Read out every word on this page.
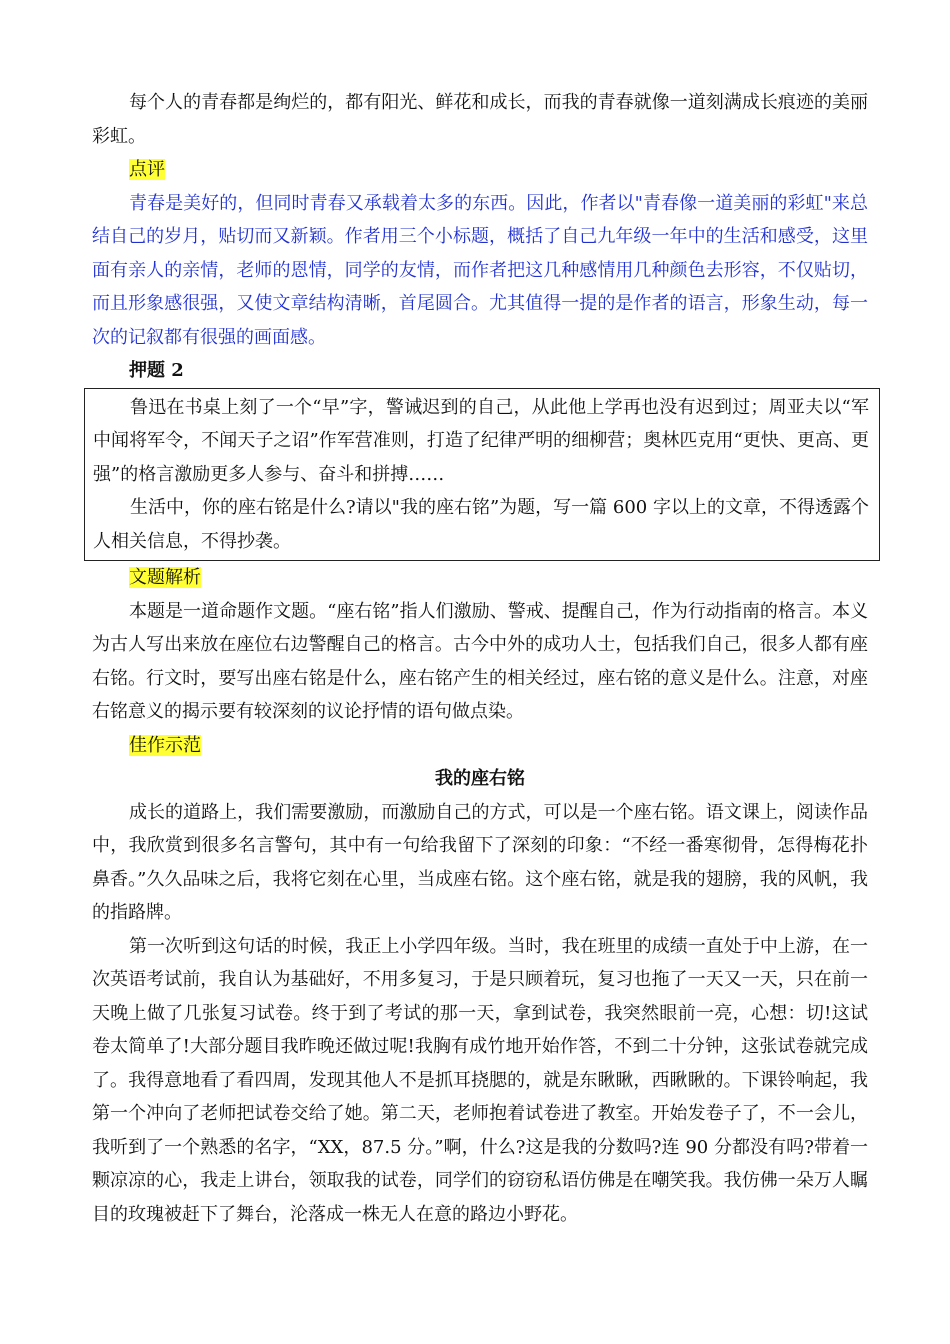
每个人的青春都是绚烂的，都有阳光、鲜花和成长，而我的青春就像一道刻满成长痕迹的美丽彩虹。

点评

青春是美好的，但同时青春又承载着太多的东西。因此，作者以"青春像一道美丽的彩虹"来总结自己的岁月，贴切而又新颖。作者用三个小标题，概括了自己九年级一年中的生活和感受，这里面有亲人的亲情，老师的恩情，同学的友情，而作者把这几种感情用几种颜色去形容，不仅贴切，而且形象感很强，又使文章结构清晰，首尾圆合。尤其值得一提的是作者的语言，形象生动，每一次的记叙都有很强的画面感。

押题 2

鲁迅在书桌上刻了一个“早”字，警诫迟到的自己，从此他上学再也没有迟到过；周亚夫以“军中闻将军令，不闻天子之诏”作军营准则，打造了纪律严明的细柳营；奥林匹克用“更快、更高、更强”的格言激励更多人参与、奋斗和拼搏……

生活中，你的座右铭是什么?请以"我的座右铭”为题，写一篇 600 字以上的文章，不得透露个人相关信息，不得抄袭。

文题解析

本题是一道命题作文题。“座右铭”指人们激励、警戒、提醒自己，作为行动指南的格言。本义为古人写出来放在座位右边警醒自己的格言。古今中外的成功人士，包括我们自己，很多人都有座右铭。行文时，要写出座右铭是什么，座右铭产生的相关经过，座右铭的意义是什么。注意，对座右铭意义的揭示要有较深刻的议论抒情的语句做点染。

佳作示范

我的座右铭

成长的道路上，我们需要激励，而激励自己的方式，可以是一个座右铭。语文课上，阅读作品中，我欣赏到很多名言警句，其中有一句给我留下了深刻的印象：“不经一番寒彻骨，怎得梅花扑鼻香。”久久品味之后，我将它刻在心里，当成座右铭。这个座右铭，就是我的翅膀，我的风帆，我的指路牌。

第一次听到这句话的时候，我正上小学四年级。当时，我在班里的成绩一直处于中上游，在一次英语考试前，我自认为基础好，不用多复习，于是只顾着玩，复习也拖了一天又一天，只在前一天晚上做了几张复习试卷。终于到了考试的那一天，拿到试卷，我突然眼前一亮，心想：切!这试卷太简单了!大部分题目我昨晚还做过呢!我胸有成竹地开始作答，不到二十分钟，这张试卷就完成了。我得意地看了看四周，发现其他人不是抓耳挠腮的，就是东瞅瞅，西瞅瞅的。下课铃响起，我第一个冲向了老师把试卷交给了她。第二天，老师抱着试卷进了教室。开始发卷子了，不一会儿，我听到了一个熟悉的名字，“XX，87.5 分。”啊，什么?这是我的分数吗?连 90 分都没有吗?带着一颗凉凉的心，我走上讲台，领取我的试卷，同学们的窃窃私语仿佛是在嘲笑我。我仿佛一朵万人瞩目的玫瑰被赶下了舞台，沦落成一株无人在意的路边小野花。
